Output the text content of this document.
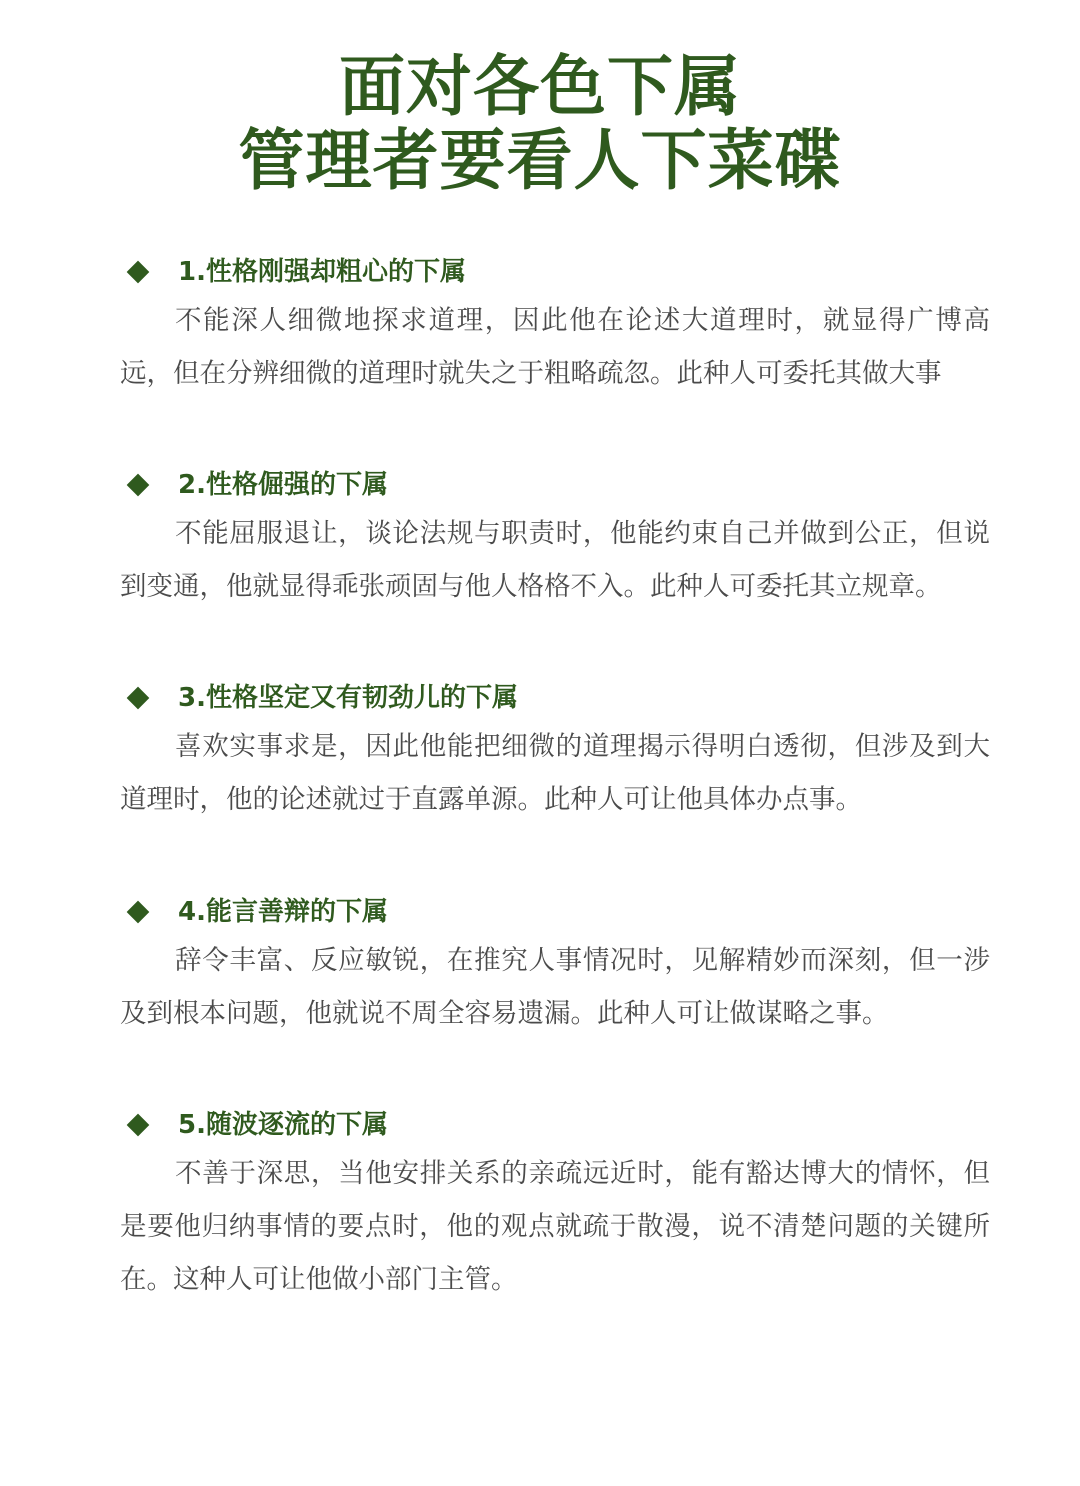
面对各色下属
管理者要看人下菜碟
1.性格刚强却粗心的下属

不能深人细微地探求道理，因此他在论述大道理时，就显得广博高远，但在分辨细微的道理时就失之于粗略疏忽。此种人可委托其做大事

2.性格倔强的下属

不能屈服退让，谈论法规与职责时，他能约束自己并做到公正，但说到变通，他就显得乖张顽固与他人格格不入。此种人可委托其立规章。

3.性格坚定又有韧劲儿的下属

喜欢实事求是，因此他能把细微的道理揭示得明白透彻，但涉及到大道理时，他的论述就过于直露单源。此种人可让他具体办点事。

4.能言善辩的下属

辞令丰富、反应敏锐，在推究人事情况时，见解精妙而深刻，但一涉及到根本问题，他就说不周全容易遗漏。此种人可让做谋略之事。

5.随波逐流的下属

不善于深思，当他安排关系的亲疏远近时，能有豁达博大的情怀，但是要他归纳事情的要点时，他的观点就疏于散漫，说不清楚问题的关键所在。这种人可让他做小部门主管。
